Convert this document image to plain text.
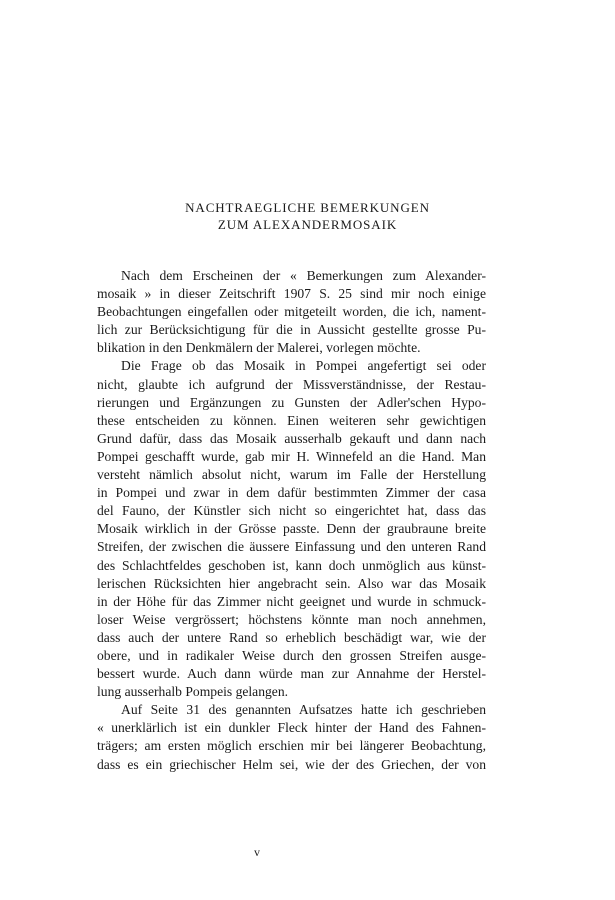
NACHTRAEGLICHE BEMERKUNGEN
ZUM ALEXANDERMOSAIK
Nach dem Erscheinen der « Bemerkungen zum Alexander-
mosaik » in dieser Zeitschrift 1907 S. 25 sind mir noch einige
Beobachtungen eingefallen oder mitgeteilt worden, die ich, nament-
lich zur Berücksichtigung für die in Aussicht gestellte grosse Pu-
blikation in den Denkmälern der Malerei, vorlegen möchte.
Die Frage ob das Mosaik in Pompei angefertigt sei oder
nicht, glaubte ich aufgrund der Missverständnisse, der Restau-
rierungen und Ergänzungen zu Gunsten der Adler'schen Hypo-
these entscheiden zu können. Einen weiteren sehr gewichtigen
Grund dafür, dass das Mosaik ausserhalb gekauft und dann nach
Pompei geschafft wurde, gab mir H. Winnefeld an die Hand. Man
versteht nämlich absolut nicht, warum im Falle der Herstellung
in Pompei und zwar in dem dafür bestimmten Zimmer der casa
del Fauno, der Künstler sich nicht so eingerichtet hat, dass das
Mosaik wirklich in der Grösse passte. Denn der graubraune breite
Streifen, der zwischen die äussere Einfassung und den unteren Rand
des Schlachtfeldes geschoben ist, kann doch unmöglich aus künst-
lerischen Rücksichten hier angebracht sein. Also war das Mosaik
in der Höhe für das Zimmer nicht geeignet und wurde in schmuck-
loser Weise vergrössert; höchstens könnte man noch annehmen,
dass auch der untere Rand so erheblich beschädigt war, wie der
obere, und in radikaler Weise durch den grossen Streifen ausge-
bessert wurde. Auch dann würde man zur Annahme der Herstel-
lung ausserhalb Pompeis gelangen.
Auf Seite 31 des genannten Aufsatzes hatte ich geschrieben
« unerklärlich ist ein dunkler Fleck hinter der Hand des Fahnen-
trägers; am ersten möglich erschien mir bei längerer Beobachtung,
dass es ein griechischer Helm sei, wie der des Griechen, der von
v
